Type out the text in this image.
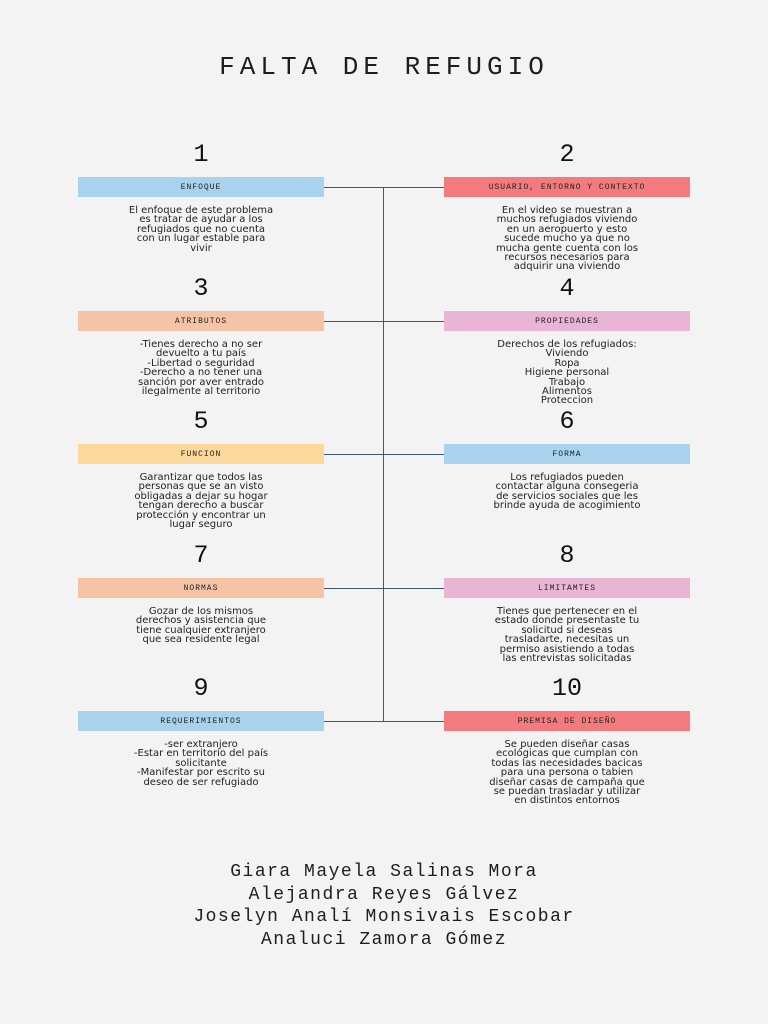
FALTA DE REFUGIO
1
ENFOQUE
El enfoque de este problema
es tratar de ayudar a los
refugiados que no cuenta
con un lugar estable para
vivir
2
USUARIO, ENTORNO Y CONTEXTO
En el video se muestran a
muchos refugiados viviendo
en un aeropuerto y esto
sucede mucho ya que no
mucha gente cuenta con los
recursos necesarios para
adquirir una viviendo
3
ATRIBUTOS
-Tienes derecho a no ser
devuelto a tu país
-Libertad o seguridad
-Derecho a no tener una
sanción por aver entrado
ilegalmente al territorio
4
PROPIEDADES
Derechos de los refugiados:
Viviendo
Ropa
Higiene personal
Trabajo
Alimentos
Proteccion
5
FUNCION
Garantizar que todos las
personas que se an visto
obligadas a dejar su hogar
tengan derecho a buscar
protección y encontrar un
lugar seguro
6
FORMA
Los refugiados pueden
contactar alguna consegeria
de servicios sociales que les
brinde ayuda de acogimiento
7
NORMAS
Gozar de los mismos
derechos y asistencia que
tiene cualquier extranjero
que sea residente legal
8
LIMITAMTES
Tienes que pertenecer en el
estado donde presentaste tu
solicitud si deseas
trasladarte, necesitas un
permiso asistiendo a todas
las entrevistas solicitadas
9
REQUERIMIENTOS
-ser extranjero
-Estar en territorio del país
solicitante
-Manifestar por escrito su
deseo de ser refugiado
10
PREMISA DE DISEÑO
Se pueden diseñar casas
ecológicas que cumplan con
todas las necesidades bacicas
para una persona o tabien
diseñar casas de campaña que
se puedan trasladar y utilizar
en distintos entornos
Giara Mayela Salinas Mora
Alejandra Reyes Gálvez
Joselyn Analí Monsivais Escobar
Analuci Zamora Gómez
